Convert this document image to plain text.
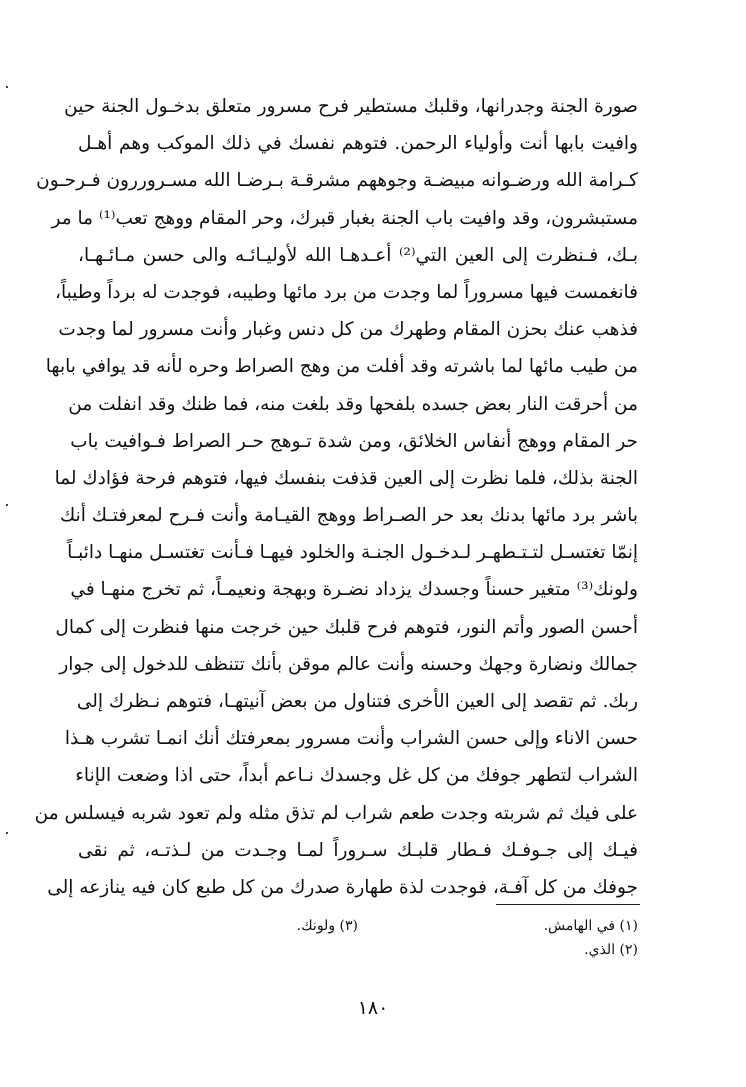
صورة الجنة وجدرانها، وقلبك مستطير فرح مسرور متعلق بدخـول الجنة حين
وافيت بابها أنت وأولياء الرحمن. فتوهم نفسك في ذلك الموكب وهم أهـل
كـرامة الله ورضـوانه مبيضـة وجوههم مشرقـة بـرضـا الله مسـروررون فـرحـون
مستبشرون، وقد وافيت باب الجنة بغبار قبرك، وحر المقام ووهج تعب⁽¹⁾ ما مر
بـك، فـنظرت إلى العين التي⁽²⁾ أعـدهـا الله لأوليـائـه والى حسن مـائـهـا،
فانغمست فيها مسروراً لما وجدت من برد مائها وطيبه، فوجدت له برداً وطيباً،
فذهب عنك بحزن المقام وطهرك من كل دنس وغبار وأنت مسرور لما وجدت
من طيب مائها لما باشرته وقد أفلت من وهج الصراط وحره لأنه قد يوافي بابها
من أحرقت النار بعض جسده بلفحها وقد بلغت منه، فما ظنك وقد انفلت من
حر المقام ووهج أنفاس الخلائق، ومن شدة تـوهج حـر الصراط فـوافيت باب
الجنة بذلك، فلما نظرت إلى العين قذفت بنفسك فيها، فتوهم فرحة فؤادك لما
باشر برد مائها بدنك بعد حر الصـراط ووهج القيـامة وأنت فـرح لمعرفتـك أنك
إنمّا تغتسـل لتـتـطهـر لـدخـول الجنـة والخلود فيهـا فـأنت تغتسـل منهـا دائبـاً
ولونك⁽³⁾ متغير حسناً وجسدك يزداد نضـرة وبهجة ونعيمـاً، ثم تخرج منهـا في
أحسن الصور وأتم النور، فتوهم فرح قلبك حين خرجت منها فنظرت إلى كمال
جمالك ونضارة وجهك وحسنه وأنت عالم موقن بأنك تتنظف للدخول إلى جوار
ربك. ثم تقصد إلى العين الأخرى فتناول من بعض آنيتهـا، فتوهم نـظرك إلى
حسن الاناء وإلى حسن الشراب وأنت مسرور بمعرفتك أنك انمـا تشرب هـذا
الشراب لتطهر جوفك من كل غل وجسدك نـاعم أبداً، حتى اذا وضعت الإناء
على فيك ثم شربته وجدت طعم شراب لم تذق مثله ولم تعود شربه فيسلس من
فيـك إلى جـوفـك فـطار قلبـك سـروراً لمـا وجـدت من لـذتـه، ثم نقى
جوفك من كل آفـة، فوجدت لذة طهارة صدرك من كل طبع كان فيه ينازعه إلى
(١) في الهامش.
(٢) الذي.
(٣) ولونك.
١٨٠
